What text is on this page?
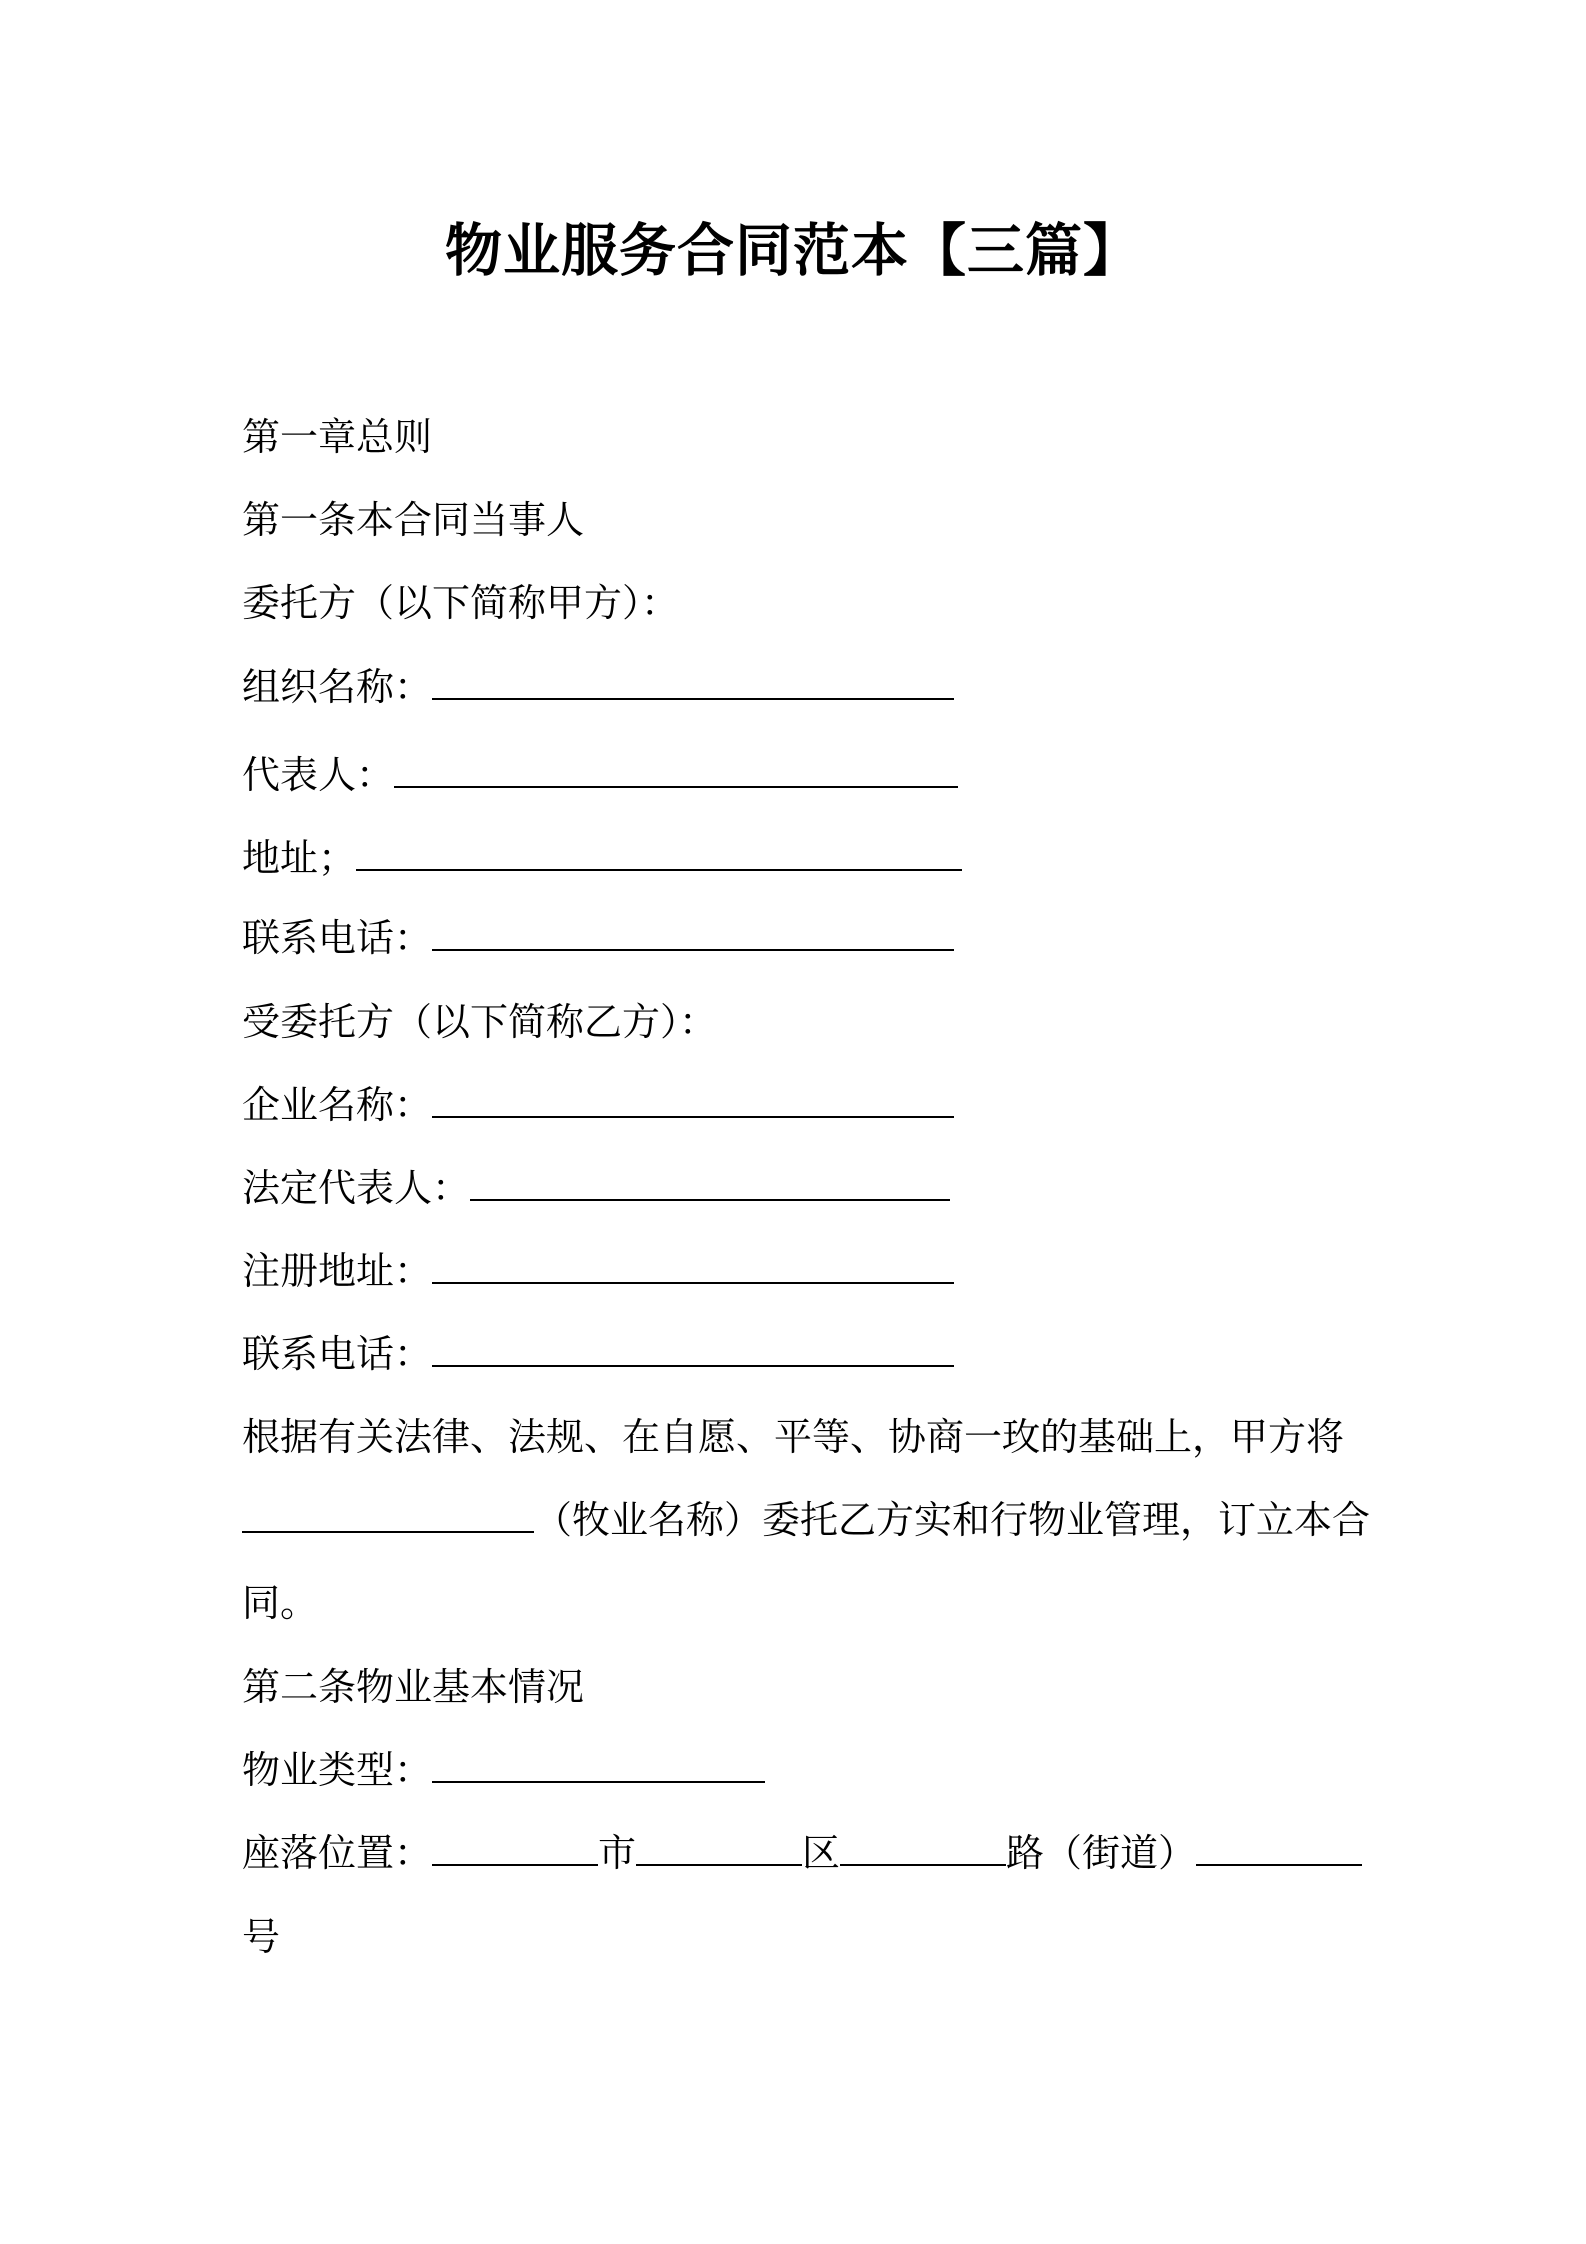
物业服务合同范本【三篇】
第一章总则
第一条本合同当事人
委托方（以下简称甲方）：
组织名称：
代表人：
地址；
联系电话：
受委托方（以下简称乙方）：
企业名称：
法定代表人：
注册地址：
联系电话：
根据有关法律、法规、在自愿、平等、协商一玫的基础上，甲方将
（牧业名称）委托乙方实和行物业管理，订立本合
同。
第二条物业基本情况
物业类型：
座落位置：	市	区	路（街道）
号
